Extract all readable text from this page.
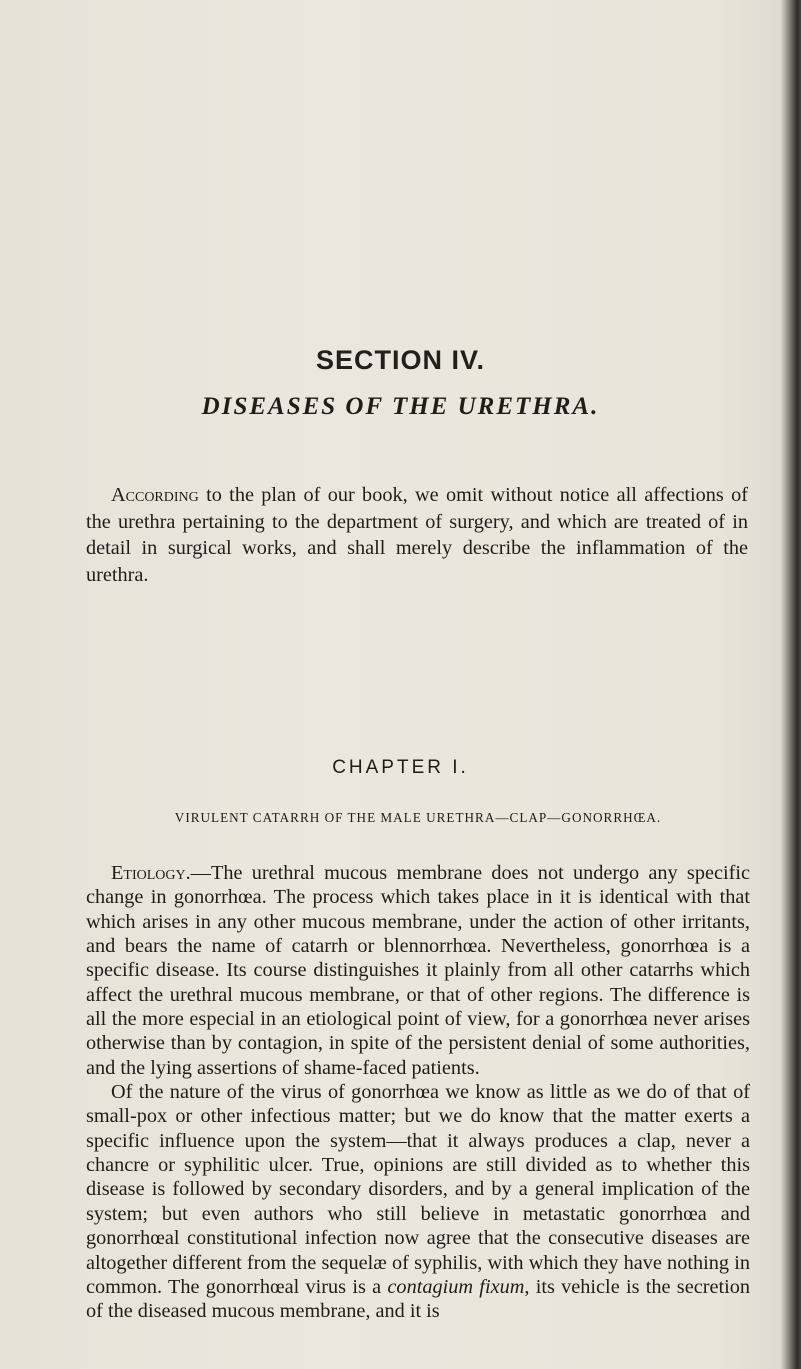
SECTION IV.
DISEASES OF THE URETHRA.

According to the plan of our book, we omit without notice all affections of the urethra pertaining to the department of surgery, and which are treated of in detail in surgical works, and shall merely describe the inflammation of the urethra.

CHAPTER I.
VIRULENT CATARRH OF THE MALE URETHRA—CLAP—GONORRHŒA.

Etiology.—The urethral mucous membrane does not undergo any specific change in gonorrhœa. The process which takes place in it is identical with that which arises in any other mucous membrane, under the action of other irritants, and bears the name of catarrh or blennorrhœa. Nevertheless, gonorrhœa is a specific disease. Its course distinguishes it plainly from all other catarrhs which affect the urethral mucous membrane, or that of other regions. The difference is all the more especial in an etiological point of view, for a gonorrhœa never arises otherwise than by contagion, in spite of the persistent denial of some authorities, and the lying assertions of shame-faced patients.

Of the nature of the virus of gonorrhœa we know as little as we do of that of small-pox or other infectious matter; but we do know that the matter exerts a specific influence upon the system—that it always produces a clap, never a chancre or syphilitic ulcer. True, opinions are still divided as to whether this disease is followed by secondary disorders, and by a general implication of the system; but even authors who still believe in metastatic gonorrhœa and gonorrhœal constitutional infection now agree that the consecutive diseases are altogether different from the sequelæ of syphilis, with which they have nothing in common. The gonorrhœal virus is a contagium fixum, its vehicle is the secretion of the diseased mucous membrane, and it is
